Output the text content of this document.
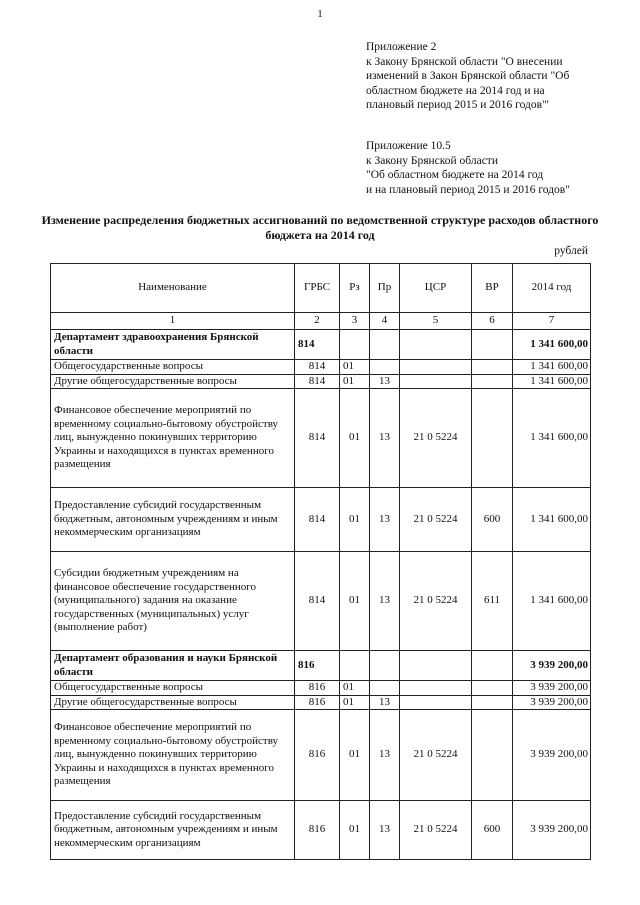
1
Приложение 2
к Закону Брянской области "О внесении
изменений в Закон Брянской области "Об
областном бюджете на 2014 год и на
плановый период 2015 и 2016 годов"'
Приложение 10.5
к Закону Брянской области
"Об областном бюджете на 2014 год
и на плановый период 2015 и 2016 годов"
Изменение распределения бюджетных ассигнований по ведомственной структуре расходов областного
бюджета на 2014 год
рублей
Наименование	ГРБС	Рз	Пр	ЦСР	ВР	2014 год
1	2	3	4	5	6	7
Департамент здравоохранения Брянской области	814					1 341 600,00
Общегосударственные вопросы	814	01				1 341 600,00
Другие общегосударственные вопросы	814	01	13			1 341 600,00
Финансовое обеспечение мероприятий по временному социально-бытовому обустройству лиц, вынужденно покинувших территорию Украины и находящихся в пунктах временного размещения	814	01	13	21 0 5224		1 341 600,00
Предоставление субсидий государственным бюджетным, автономным учреждениям и иным некоммерческим организациям	814	01	13	21 0 5224	600	1 341 600,00
Субсидии бюджетным учреждениям на финансовое обеспечение государственного (муниципального) задания на оказание государственных (муниципальных) услуг (выполнение работ)	814	01	13	21 0 5224	611	1 341 600,00
Департамент образования и науки Брянской области	816					3 939 200,00
Общегосударственные вопросы	816	01				3 939 200,00
Другие общегосударственные вопросы	816	01	13			3 939 200,00
Финансовое обеспечение мероприятий по временному социально-бытовому обустройству лиц, вынужденно покинувших территорию Украины и находящихся в пунктах временного размещения	816	01	13	21 0 5224		3 939 200,00
Предоставление субсидий государственным бюджетным, автономным учреждениям и иным некоммерческим организациям	816	01	13	21 0 5224	600	3 939 200,00
